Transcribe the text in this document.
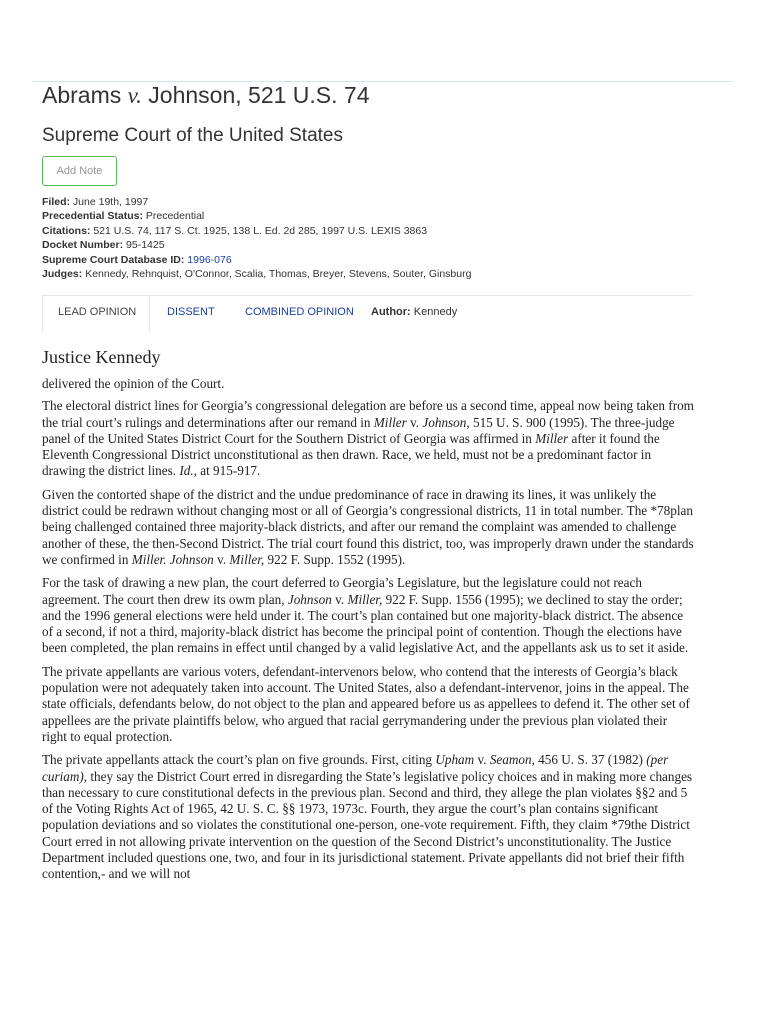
Abrams v. Johnson, 521 U.S. 74
Supreme Court of the United States
Add Note
Filed: June 19th, 1997
Precedential Status: Precedential
Citations: 521 U.S. 74, 117 S. Ct. 1925, 138 L. Ed. 2d 285, 1997 U.S. LEXIS 3863
Docket Number: 95-1425
Supreme Court Database ID: 1996-076
Judges: Kennedy, Rehnquist, O'Connor, Scalia, Thomas, Breyer, Stevens, Souter, Ginsburg
LEAD OPINION	DISSENT	COMBINED OPINION	Author: Kennedy
Justice Kennedy

delivered the opinion of the Court.

The electoral district lines for Georgia’s congressional delegation are before us a second time, appeal now being taken from the trial court’s rulings and determinations after our remand in Miller v. Johnson, 515 U. S. 900 (1995). The three-judge panel of the United States District Court for the Southern District of Georgia was affirmed in Miller after it found the Eleventh Congressional District unconstitutional as then drawn. Race, we held, must not be a predominant factor in drawing the district lines. Id., at 915-917.

Given the contorted shape of the district and the undue predominance of race in drawing its lines, it was unlikely the district could be redrawn without changing most or all of Georgia’s congressional districts, 11 in total number. The *78plan being challenged contained three majority-black districts, and after our remand the complaint was amended to challenge another of these, the then-Second District. The trial court found this district, too, was improperly drawn under the standards we confirmed in Miller. Johnson v. Miller, 922 F. Supp. 1552 (1995).

For the task of drawing a new plan, the court deferred to Georgia’s Legislature, but the legislature could not reach agreement. The court then drew its owm plan, Johnson v. Miller, 922 F. Supp. 1556 (1995); we declined to stay the order; and the 1996 general elections were held under it. The court’s plan contained but one majority-black district. The absence of a second, if not a third, majority-black district has become the principal point of contention. Though the elections have been completed, the plan remains in effect until changed by a valid legislative Act, and the appellants ask us to set it aside.

The private appellants are various voters, defendant-intervenors below, who contend that the interests of Georgia’s black population were not adequately taken into account. The United States, also a defendant-intervenor, joins in the appeal. The state officials, defendants below, do not object to the plan and appeared before us as appellees to defend it. The other set of appellees are the private plaintiffs below, who argued that racial gerrymandering under the previous plan violated their right to equal protection.

The private appellants attack the court’s plan on five grounds. First, citing Upham v. Seamon, 456 U. S. 37 (1982) (per curiam), they say the District Court erred in disregarding the State’s legislative policy choices and in making more changes than necessary to cure constitutional defects in the previous plan. Second and third, they allege the plan violates §§2 and 5 of the Voting Rights Act of 1965, 42 U. S. C. §§ 1973, 1973c. Fourth, they argue the court’s plan contains significant population deviations and so violates the constitutional one-person, one-vote requirement. Fifth, they claim *79the District Court erred in not allowing private intervention on the question of the Second District’s unconstitutionality. The Justice Department included questions one, two, and four in its jurisdictional statement. Private appellants did not brief their fifth contention,- and we will not
